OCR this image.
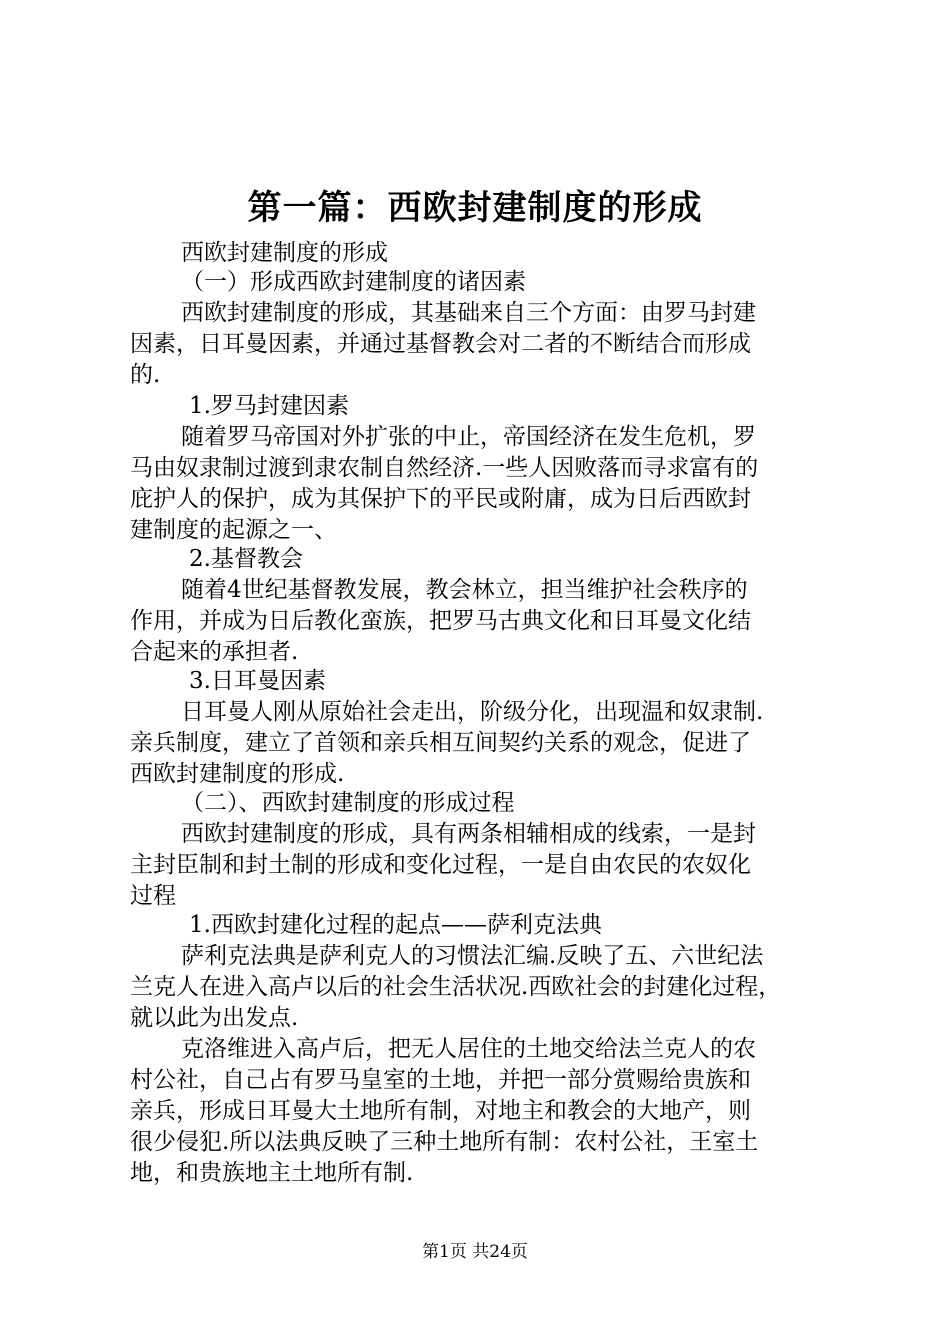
第一篇：西欧封建制度的形成
西欧封建制度的形成
（一）形成西欧封建制度的诸因素
西欧封建制度的形成，其基础来自三个方面：由罗马封建
因素，日耳曼因素，并通过基督教会对二者的不断结合而形成
的.
1.罗马封建因素
随着罗马帝国对外扩张的中止，帝国经济在发生危机，罗
马由奴隶制过渡到隶农制自然经济.一些人因败落而寻求富有的
庇护人的保护，成为其保护下的平民或附庸，成为日后西欧封
建制度的起源之一、
2.基督教会
随着4世纪基督教发展，教会林立，担当维护社会秩序的
作用，并成为日后教化蛮族，把罗马古典文化和日耳曼文化结
合起来的承担者.
3.日耳曼因素
日耳曼人刚从原始社会走出，阶级分化，出现温和奴隶制.
亲兵制度，建立了首领和亲兵相互间契约关系的观念，促进了
西欧封建制度的形成.
（二）、西欧封建制度的形成过程
西欧封建制度的形成，具有两条相辅相成的线索，一是封
主封臣制和封土制的形成和变化过程，一是自由农民的农奴化
过程
1.西欧封建化过程的起点——萨利克法典
萨利克法典是萨利克人的习惯法汇编.反映了五、六世纪法
兰克人在进入高卢以后的社会生活状况.西欧社会的封建化过程，
就以此为出发点.
克洛维进入高卢后，把无人居住的土地交给法兰克人的农
村公社，自己占有罗马皇室的土地，并把一部分赏赐给贵族和
亲兵，形成日耳曼大土地所有制，对地主和教会的大地产，则
很少侵犯.所以法典反映了三种土地所有制：农村公社，王室土
地，和贵族地主土地所有制.
第1页 共24页
